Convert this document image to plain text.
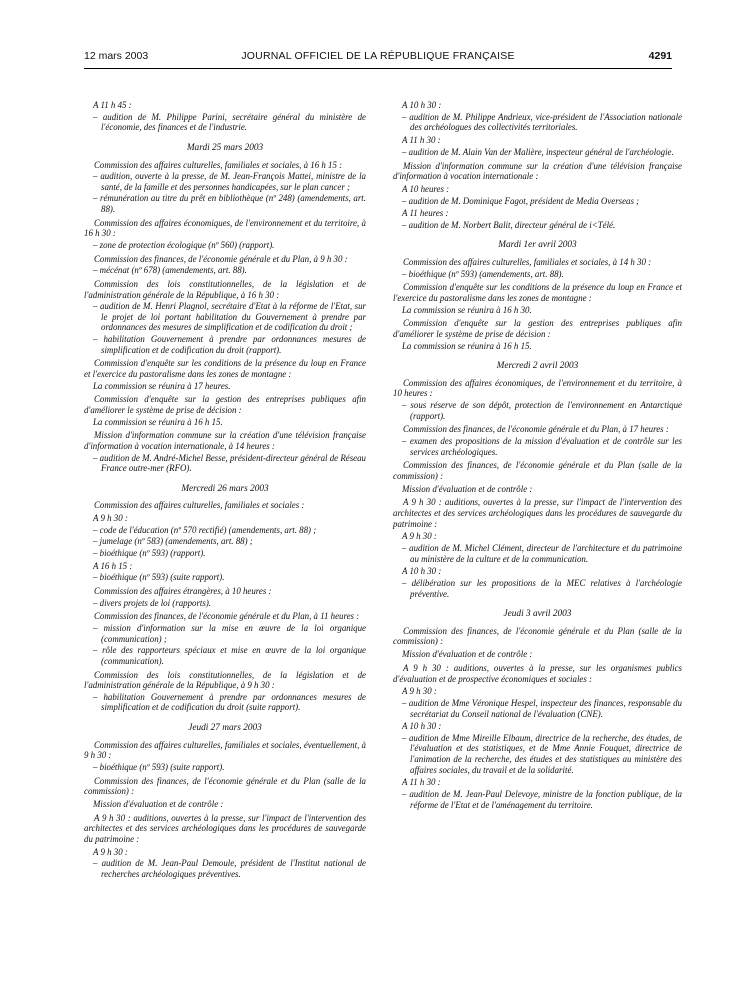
12 mars 2003	JOURNAL OFFICIEL DE LA RÉPUBLIQUE FRANÇAISE	4291

A 11 h 45 :

– audition de M. Philippe Parini, secrétaire général du ministère de l'économie, des finances et de l'industrie.

Mardi 25 mars 2003

Commission des affaires culturelles, familiales et sociales, à 16 h 15 :

– audition, ouverte à la presse, de M. Jean-François Mattei, ministre de la santé, de la famille et des personnes handicapées, sur le plan cancer ;

– rémunération au titre du prêt en bibliothèque (nº 248) (amendements, art. 88).

Commission des affaires économiques, de l'environnement et du territoire, à 16 h 30 :

– zone de protection écologique (nº 560) (rapport).

Commission des finances, de l'économie générale et du Plan, à 9 h 30 :

– mécénat (nº 678) (amendements, art. 88).

Commission des lois constitutionnelles, de la législation et de l'administration générale de la République, à 16 h 30 :

– audition de M. Henri Plagnol, secrétaire d'Etat à la réforme de l'Etat, sur le projet de loi portant habilitation du Gouvernement à prendre par ordonnances des mesures de simplification et de codification du droit ;

– habilitation Gouvernement à prendre par ordonnances mesures de simplification et de codification du droit (rapport).

Commission d'enquête sur les conditions de la présence du loup en France et l'exercice du pastoralisme dans les zones de montagne :

La commission se réunira à 17 heures.

Commission d'enquête sur la gestion des entreprises publiques afin d'améliorer le système de prise de décision :

La commission se réunira à 16 h 15.

Mission d'information commune sur la création d'une télévision française d'information à vocation internationale, à 14 heures :

– audition de M. André-Michel Besse, président-directeur général de Réseau France outre-mer (RFO).

Mercredi 26 mars 2003

Commission des affaires culturelles, familiales et sociales :

A 9 h 30 :

– code de l'éducation (nº 570 rectifié) (amendements, art. 88) ;

– jumelage (nº 583) (amendements, art. 88) ;

– bioéthique (nº 593) (rapport).

A 16 h 15 :

– bioéthique (nº 593) (suite rapport).

Commission des affaires étrangères, à 10 heures :

– divers projets de loi (rapports).

Commission des finances, de l'économie générale et du Plan, à 11 heures :

– mission d'information sur la mise en œuvre de la loi organique (communication) ;

– rôle des rapporteurs spéciaux et mise en œuvre de la loi organique (communication).

Commission des lois constitutionnelles, de la législation et de l'administration générale de la République, à 9 h 30 :

– habilitation Gouvernement à prendre par ordonnances mesures de simplification et de codification du droit (suite rapport).

Jeudi 27 mars 2003

Commission des affaires culturelles, familiales et sociales, éventuellement, à 9 h 30 :

– bioéthique (nº 593) (suite rapport).

Commission des finances, de l'économie générale et du Plan (salle de la commission) :

Mission d'évaluation et de contrôle :

A 9 h 30 : auditions, ouvertes à la presse, sur l'impact de l'intervention des architectes et des services archéologiques dans les procédures de sauvegarde du patrimoine :

A 9 h 30 :

– audition de M. Jean-Paul Demoule, président de l'Institut national de recherches archéologiques préventives.

A 10 h 30 :

– audition de M. Philippe Andrieux, vice-président de l'Association nationale des archéologues des collectivités territoriales.

A 11 h 30 :

– audition de M. Alain Van der Malière, inspecteur général de l'archéologie.

Mission d'information commune sur la création d'une télévision française d'information à vocation internationale :

A 10 heures :

– audition de M. Dominique Fagot, président de Media Overseas ;

A 11 heures :

– audition de M. Norbert Balit, directeur général de i<Télé.

Mardi 1er avril 2003

Commission des affaires culturelles, familiales et sociales, à 14 h 30 :

– bioéthique (nº 593) (amendements, art. 88).

Commission d'enquête sur les conditions de la présence du loup en France et l'exercice du pastoralisme dans les zones de montagne :

La commission se réunira à 16 h 30.

Commission d'enquête sur la gestion des entreprises publiques afin d'améliorer le système de prise de décision :

La commission se réunira à 16 h 15.

Mercredi 2 avril 2003

Commission des affaires économiques, de l'environnement et du territoire, à 10 heures :

– sous réserve de son dépôt, protection de l'environnement en Antarctique (rapport).

Commission des finances, de l'économie générale et du Plan, à 17 heures :

– examen des propositions de la mission d'évaluation et de contrôle sur les services archéologiques.

Commission des finances, de l'économie générale et du Plan (salle de la commission) :

Mission d'évaluation et de contrôle :

A 9 h 30 : auditions, ouvertes à la presse, sur l'impact de l'intervention des architectes et des services archéologiques dans les procédures de sauvegarde du patrimoine :

A 9 h 30 :

– audition de M. Michel Clément, directeur de l'architecture et du patrimoine au ministère de la culture et de la communication.

A 10 h 30 :

– délibération sur les propositions de la MEC relatives à l'archéologie préventive.

Jeudi 3 avril 2003

Commission des finances, de l'économie générale et du Plan (salle de la commission) :

Mission d'évaluation et de contrôle :

A 9 h 30 : auditions, ouvertes à la presse, sur les organismes publics d'évaluation et de prospective économiques et sociales :

A 9 h 30 :

– audition de Mme Véronique Hespel, inspecteur des finances, responsable du secrétariat du Conseil national de l'évaluation (CNE).

A 10 h 30 :

– audition de Mme Mireille Elbaum, directrice de la recherche, des études, de l'évaluation et des statistiques, et de Mme Annie Fouquet, directrice de l'animation de la recherche, des études et des statistiques au ministère des affaires sociales, du travail et de la solidarité.

A 11 h 30 :

– audition de M. Jean-Paul Delevoye, ministre de la fonction publique, de la réforme de l'Etat et de l'aménagement du territoire.
